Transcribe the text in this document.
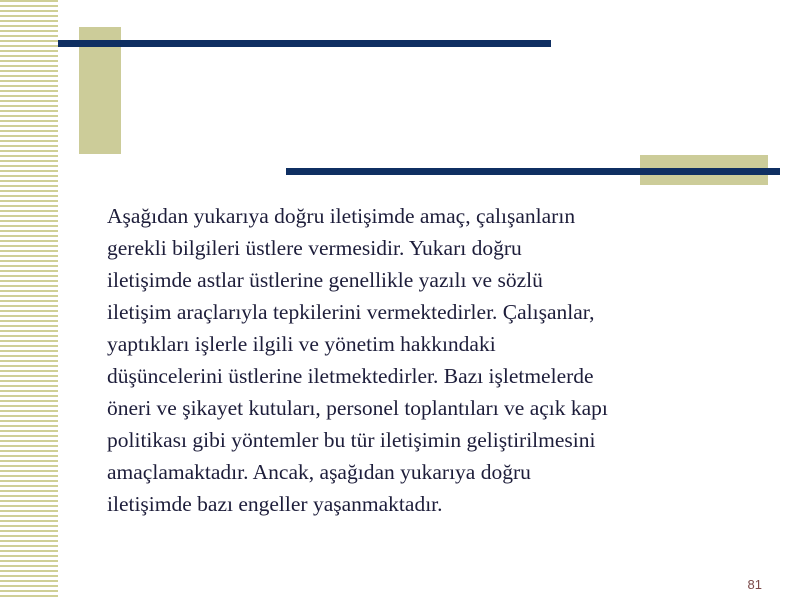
Aşağıdan yukarıya doğru iletişimde amaç, çalışanların
gerekli bilgileri üstlere vermesidir. Yukarı doğru
iletişimde astlar üstlerine genellikle yazılı ve sözlü
iletişim araçlarıyla tepkilerini vermektedirler. Çalışanlar,
yaptıkları işlerle ilgili ve yönetim hakkındaki
düşüncelerini üstlerine iletmektedirler. Bazı işletmelerde
öneri ve şikayet kutuları, personel toplantıları ve açık kapı
politikası gibi yöntemler bu tür iletişimin geliştirilmesini
amaçlamaktadır. Ancak, aşağıdan yukarıya doğru
iletişimde bazı engeller yaşanmaktadır.

81
